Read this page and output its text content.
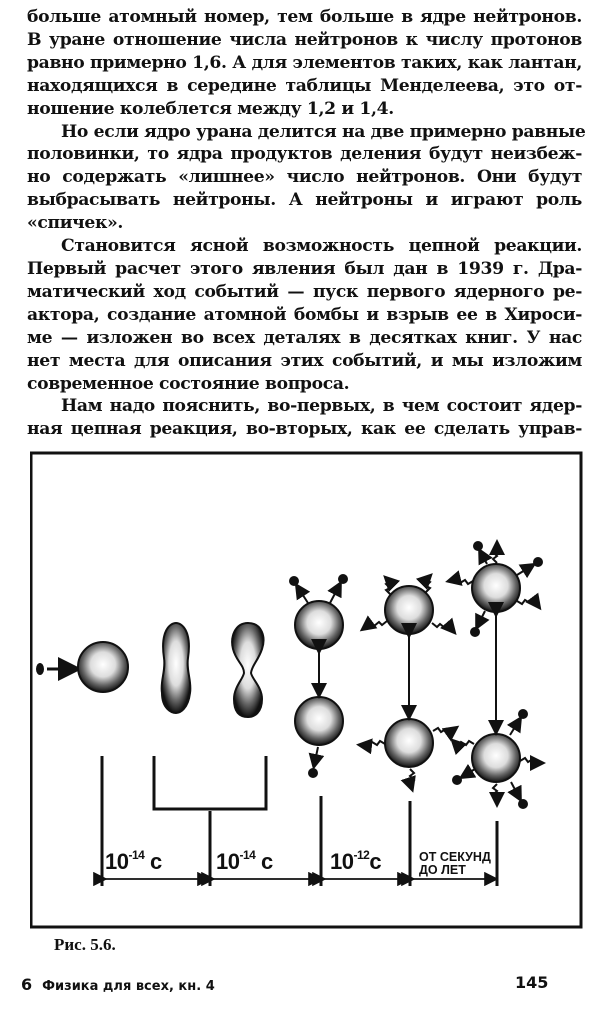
больше атомный номер, тем больше в ядре нейтронов.
В уране отношение числа нейтронов к числу протонов
равно примерно 1,6. А для элементов таких, как лантан,
находящихся в середине таблицы Менделеева, это от-
ношение колеблется между 1,2 и 1,4.

Но если ядро урана делится на две примерно равные
половинки, то ядра продуктов деления будут неизбеж-
но содержать «лишнее» число нейтронов. Они будут
выбрасывать нейтроны. А нейтроны и играют роль
«спичек».

Становится ясной возможность цепной реакции.
Первый расчет этого явления был дан в 1939 г. Дра-
матический ход событий — пуск первого ядерного ре-
актора, создание атомной бомбы и взрыв ее в Хироси-
ме — изложен во всех деталях в десятках книг. У нас
нет места для описания этих событий, и мы изложим
современное состояние вопроса.

Нам надо пояснить, во-первых, в чем состоит ядер-
ная цепная реакция, во-вторых, как ее сделать управ-

$10^{-14}$ с $10^{-14}$ с	$10^{-12}с$	ОТ СЕКУНД
ДО ЛЕТ
Рис. 5.6.
6 Физика для всех, кн. 4	145
